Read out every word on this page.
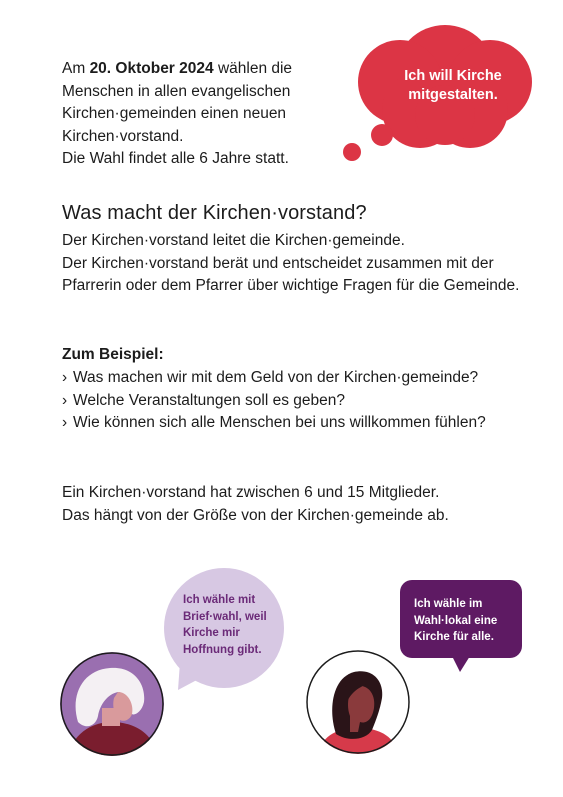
Am 20. Oktober 2024 wählen die Menschen in allen evangelischen Kirchen·gemeinden einen neuen Kirchen·vorstand.
Die Wahl findet alle 6 Jahre statt.
Ich will Kirche mitgestalten.
Was macht der Kirchen·vorstand?

Der Kirchen·vorstand leitet die Kirchen·gemeinde.
Der Kirchen·vorstand berät und entscheidet zusammen mit der Pfarrerin oder dem Pfarrer über wichtige Fragen für die Gemeinde.

Zum Beispiel:

› Was machen wir mit dem Geld von der Kirchen·gemeinde?
› Welche Veranstaltungen soll es geben?
› Wie können sich alle Menschen bei uns willkommen fühlen?

Ein Kirchen·vorstand hat zwischen 6 und 15 Mitglieder.
Das hängt von der Größe von der Kirchen·gemeinde ab.

Ich wähle mit Brief·wahl, weil Kirche mir Hoffnung gibt.
Ich wähle im Wahl·lokal eine Kirche für alle.
